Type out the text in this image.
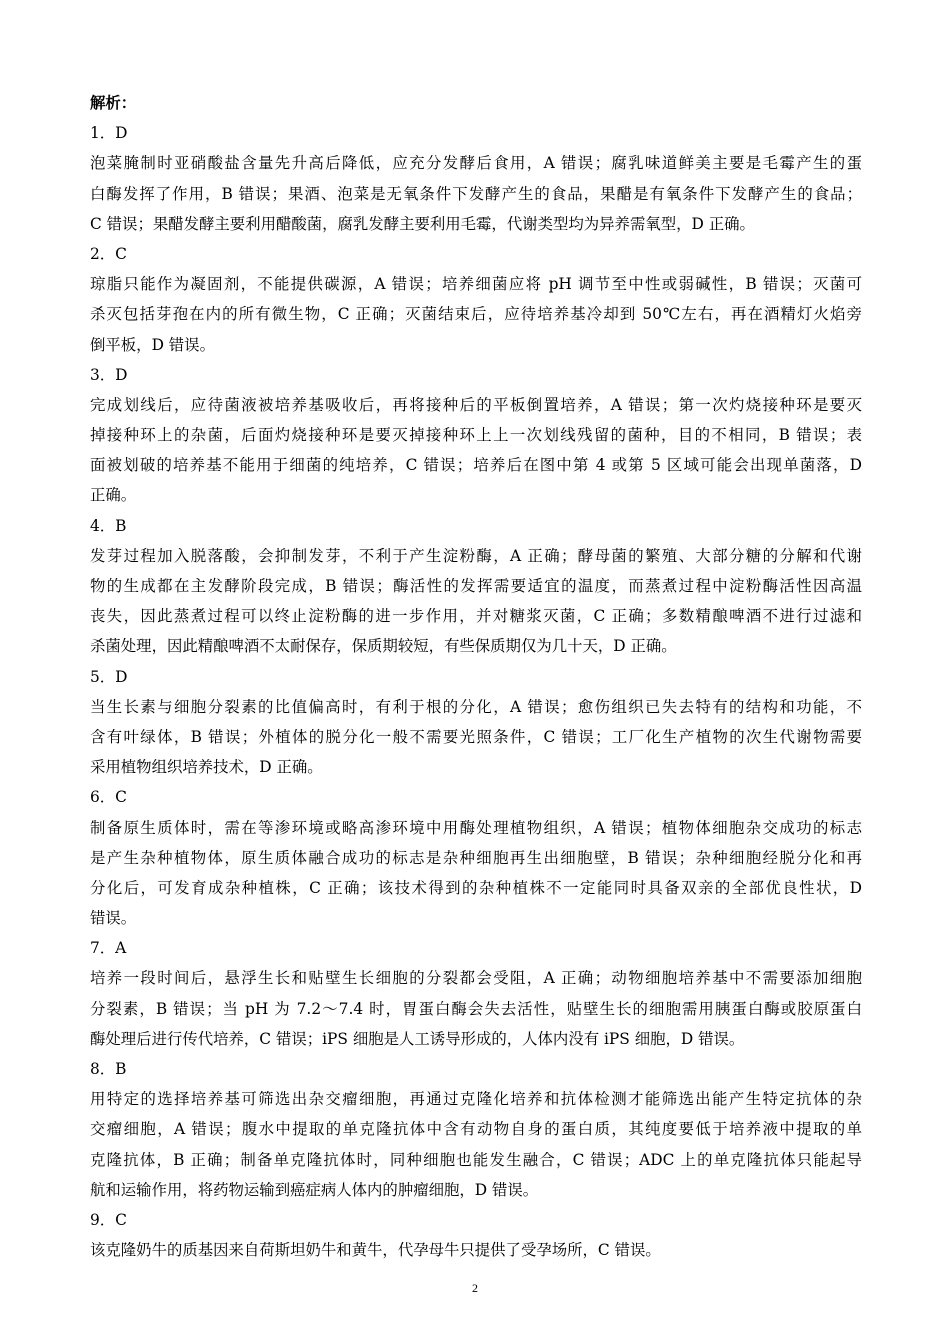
解析：
1．D
泡菜腌制时亚硝酸盐含量先升高后降低，应充分发酵后食用，A 错误；腐乳味道鲜美主要是毛霉产生的蛋
白酶发挥了作用，B 错误；果酒、泡菜是无氧条件下发酵产生的食品，果醋是有氧条件下发酵产生的食品；
C 错误；果醋发酵主要利用醋酸菌，腐乳发酵主要利用毛霉，代谢类型均为异养需氧型，D 正确。
2．C
琼脂只能作为凝固剂，不能提供碳源，A 错误；培养细菌应将 pH 调节至中性或弱碱性，B 错误；灭菌可
杀灭包括芽孢在内的所有微生物，C 正确；灭菌结束后，应待培养基冷却到 50℃左右，再在酒精灯火焰旁
倒平板，D 错误。
3．D
完成划线后，应待菌液被培养基吸收后，再将接种后的平板倒置培养，A 错误；第一次灼烧接种环是要灭
掉接种环上的杂菌，后面灼烧接种环是要灭掉接种环上上一次划线残留的菌种，目的不相同，B 错误；表
面被划破的培养基不能用于细菌的纯培养，C 错误；培养后在图中第 4 或第 5 区域可能会出现单菌落，D
正确。
4．B
发芽过程加入脱落酸，会抑制发芽，不利于产生淀粉酶，A 正确；酵母菌的繁殖、大部分糖的分解和代谢
物的生成都在主发酵阶段完成，B 错误；酶活性的发挥需要适宜的温度，而蒸煮过程中淀粉酶活性因高温
丧失，因此蒸煮过程可以终止淀粉酶的进一步作用，并对糖浆灭菌，C 正确；多数精酿啤酒不进行过滤和
杀菌处理，因此精酿啤酒不太耐保存，保质期较短，有些保质期仅为几十天，D 正确。
5．D
当生长素与细胞分裂素的比值偏高时，有利于根的分化，A 错误；愈伤组织已失去特有的结构和功能，不
含有叶绿体，B 错误；外植体的脱分化一般不需要光照条件，C 错误；工厂化生产植物的次生代谢物需要
采用植物组织培养技术，D 正确。
6．C
制备原生质体时，需在等渗环境或略高渗环境中用酶处理植物组织，A 错误；植物体细胞杂交成功的标志
是产生杂种植物体，原生质体融合成功的标志是杂种细胞再生出细胞壁，B 错误；杂种细胞经脱分化和再
分化后，可发育成杂种植株，C 正确；该技术得到的杂种植株不一定能同时具备双亲的全部优良性状，D
错误。
7．A
培养一段时间后，悬浮生长和贴壁生长细胞的分裂都会受阻，A 正确；动物细胞培养基中不需要添加细胞
分裂素，B 错误；当 pH 为 7.2～7.4 时，胃蛋白酶会失去活性，贴壁生长的细胞需用胰蛋白酶或胶原蛋白
酶处理后进行传代培养，C 错误；iPS 细胞是人工诱导形成的，人体内没有 iPS 细胞，D 错误。
8．B
用特定的选择培养基可筛选出杂交瘤细胞，再通过克隆化培养和抗体检测才能筛选出能产生特定抗体的杂
交瘤细胞，A 错误；腹水中提取的单克隆抗体中含有动物自身的蛋白质，其纯度要低于培养液中提取的单
克隆抗体，B 正确；制备单克隆抗体时，同种细胞也能发生融合，C 错误；ADC 上的单克隆抗体只能起导
航和运输作用，将药物运输到癌症病人体内的肿瘤细胞，D 错误。
9．C
该克隆奶牛的质基因来自荷斯坦奶牛和黄牛，代孕母牛只提供了受孕场所，C 错误。
2
